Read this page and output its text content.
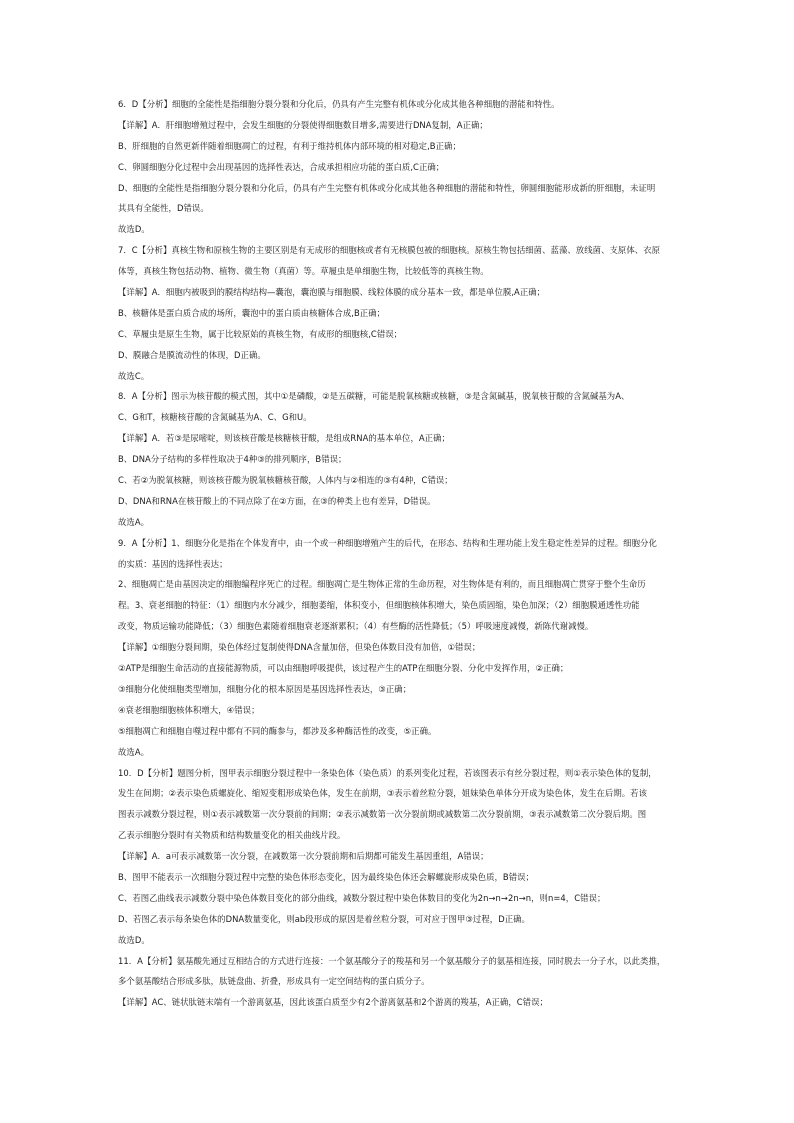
6．D【分析】细胞的全能性是指细胞分裂分裂和分化后，仍具有产生完整有机体或分化成其他各种细胞的潜能和特性。
【详解】A．肝细胞增殖过程中，会发生细胞的分裂使得细胞数目增多,需要进行DNA复制，A正确；
B、肝细胞的自然更新伴随着细胞凋亡的过程，有利于维持机体内部环境的相对稳定,B正确；
C、卵圆细胞分化过程中会出现基因的选择性表达，合成承担相应功能的蛋白质,C正确；
D、细胞的全能性是指细胞分裂分裂和分化后，仍具有产生完整有机体或分化成其他各种细胞的潜能和特性，卵圆细胞能形成新的肝细胞，未证明
其具有全能性，D错误。
故选D。
7．C【分析】真核生物和原核生物的主要区别是有无成形的细胞核或者有无核膜包被的细胞核。原核生物包括细菌、蓝藻、放线菌、支原体、衣原
体等，真核生物包括动物、植物、微生物（真菌）等。草履虫是单细胞生物，比较低等的真核生物。
【详解】A．细胞内被吸到的膜结构结构—囊泡，囊泡膜与细胞膜、线粒体膜的成分基本一致，都是单位膜,A正确；
B、核糖体是蛋白质合成的场所，囊泡中的蛋白质由核糖体合成,B正确；
C、草履虫是原生生物，属于比较原始的真核生物，有成形的细胞核,C错误；
D、膜融合是膜流动性的体现，D正确。
故选C。
8．A【分析】图示为核苷酸的模式图，其中①是磷酸，②是五碳糖，可能是脱氧核糖或核糖，③是含氮碱基，脱氧核苷酸的含氮碱基为A、
C、G和T，核糖核苷酸的含氮碱基为A、C、G和U。
【详解】A．若③是尿嘧啶，则该核苷酸是核糖核苷酸，是组成RNA的基本单位，A正确；
B、DNA分子结构的多样性取决于4种③的排列顺序，B错误；
C、若②为脱氧核糖，则该核苷酸为脱氧核糖核苷酸，人体内与②相连的③有4种，C错误；
D、DNA和RNA在核苷酸上的不同点除了在②方面，在③的种类上也有差异，D错误。
故选A。
9．A【分析】1、细胞分化是指在个体发育中，由一个或一种细胞增殖产生的后代，在形态、结构和生理功能上发生稳定性差异的过程。细胞分化
的实质：基因的选择性表达；
2、细胞凋亡是由基因决定的细胞编程序死亡的过程。细胞凋亡是生物体正常的生命历程，对生物体是有利的，而且细胞凋亡贯穿于整个生命历
程。3、衰老细胞的特征：（1）细胞内水分减少，细胞萎缩，体积变小，但细胞核体积增大，染色质固缩，染色加深；（2）细胞膜通透性功能
改变，物质运输功能降低；（3）细胞色素随着细胞衰老逐渐累积；（4）有些酶的活性降低；（5）呼吸速度减慢，新陈代谢减慢。
【详解】①细胞分裂间期，染色体经过复制使得DNA含量加倍，但染色体数目没有加倍，①错误；
②ATP是细胞生命活动的直接能源物质，可以由细胞呼吸提供，该过程产生的ATP在细胞分裂、分化中发挥作用，②正确；
③细胞分化使细胞类型增加，细胞分化的根本原因是基因选择性表达，③正确；
④衰老细胞细胞核体积增大，④错误；
⑤细胞凋亡和细胞自噬过程中都有不同的酶参与，都涉及多种酶活性的改变，⑤正确。
故选A。
10．D【分析】题图分析，图甲表示细胞分裂过程中一条染色体（染色质）的系列变化过程，若该图表示有丝分裂过程，则①表示染色体的复制，
发生在间期；②表示染色质螺旋化、缩短变粗形成染色体，发生在前期，③表示着丝粒分裂，姐妹染色单体分开成为染色体，发生在后期。若该
图表示减数分裂过程，则①表示减数第一次分裂前的间期；②表示减数第一次分裂前期或减数第二次分裂前期，③表示减数第二次分裂后期。图
乙表示细胞分裂时有关物质和结构数量变化的相关曲线片段。
【详解】A．a可表示减数第一次分裂，在减数第一次分裂前期和后期都可能发生基因重组，A错误；
B、图甲不能表示一次细胞分裂过程中完整的染色体形态变化，因为最终染色体还会解螺旋形成染色质，B错误；
C、若图乙曲线表示减数分裂中染色体数目变化的部分曲线，减数分裂过程中染色体数目的变化为2n→n→2n→n，则n=4，C错误；
D、若图乙表示每条染色体的DNA数量变化，则ab段形成的原因是着丝粒分裂，可对应于图甲③过程，D正确。
故选D。
11．A【分析】氨基酸先通过互相结合的方式进行连接：一个氨基酸分子的羧基和另一个氨基酸分子的氨基相连接，同时脱去一分子水，以此类推，
多个氨基酸结合形成多肽，肽链盘曲、折叠，形成具有一定空间结构的蛋白质分子。
【详解】AC、链状肽链末端有一个游离氨基，因此该蛋白质至少有2个游离氨基和2个游离的羧基，A正确，C错误；
